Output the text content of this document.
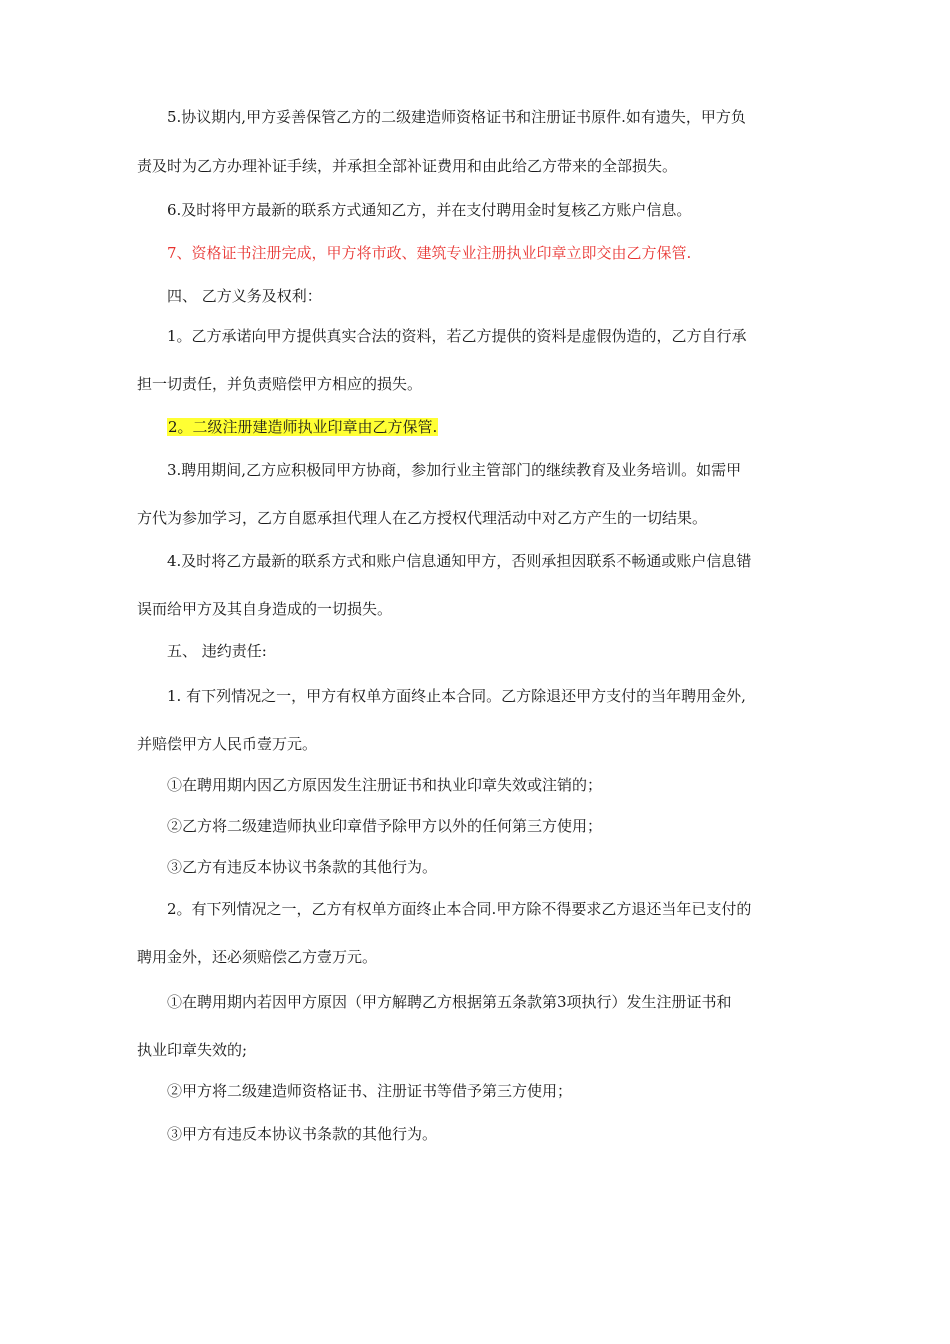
5.协议期内,甲方妥善保管乙方的二级建造师资格证书和注册证书原件.如有遗失，甲方负
责及时为乙方办理补证手续，并承担全部补证费用和由此给乙方带来的全部损失。
6.及时将甲方最新的联系方式通知乙方，并在支付聘用金时复核乙方账户信息。
7、资格证书注册完成，甲方将市政、建筑专业注册执业印章立即交由乙方保管.
四、 乙方义务及权利：
1。乙方承诺向甲方提供真实合法的资料，若乙方提供的资料是虚假伪造的，乙方自行承
担一切责任，并负责赔偿甲方相应的损失。
2。二级注册建造师执业印章由乙方保管.
3.聘用期间,乙方应积极同甲方协商，参加行业主管部门的继续教育及业务培训。如需甲
方代为参加学习，乙方自愿承担代理人在乙方授权代理活动中对乙方产生的一切结果。
4.及时将乙方最新的联系方式和账户信息通知甲方，否则承担因联系不畅通或账户信息错
误而给甲方及其自身造成的一切损失。
五、 违约责任:
1. 有下列情况之一，甲方有权单方面终止本合同。乙方除退还甲方支付的当年聘用金外,
并赔偿甲方人民币壹万元。
①在聘用期内因乙方原因发生注册证书和执业印章失效或注销的；
②乙方将二级建造师执业印章借予除甲方以外的任何第三方使用；
③乙方有违反本协议书条款的其他行为。
2。有下列情况之一，乙方有权单方面终止本合同.甲方除不得要求乙方退还当年已支付的
聘用金外，还必须赔偿乙方壹万元。
①在聘用期内若因甲方原因（甲方解聘乙方根据第五条款第3项执行）发生注册证书和
执业印章失效的;
②甲方将二级建造师资格证书、注册证书等借予第三方使用；
③甲方有违反本协议书条款的其他行为。
